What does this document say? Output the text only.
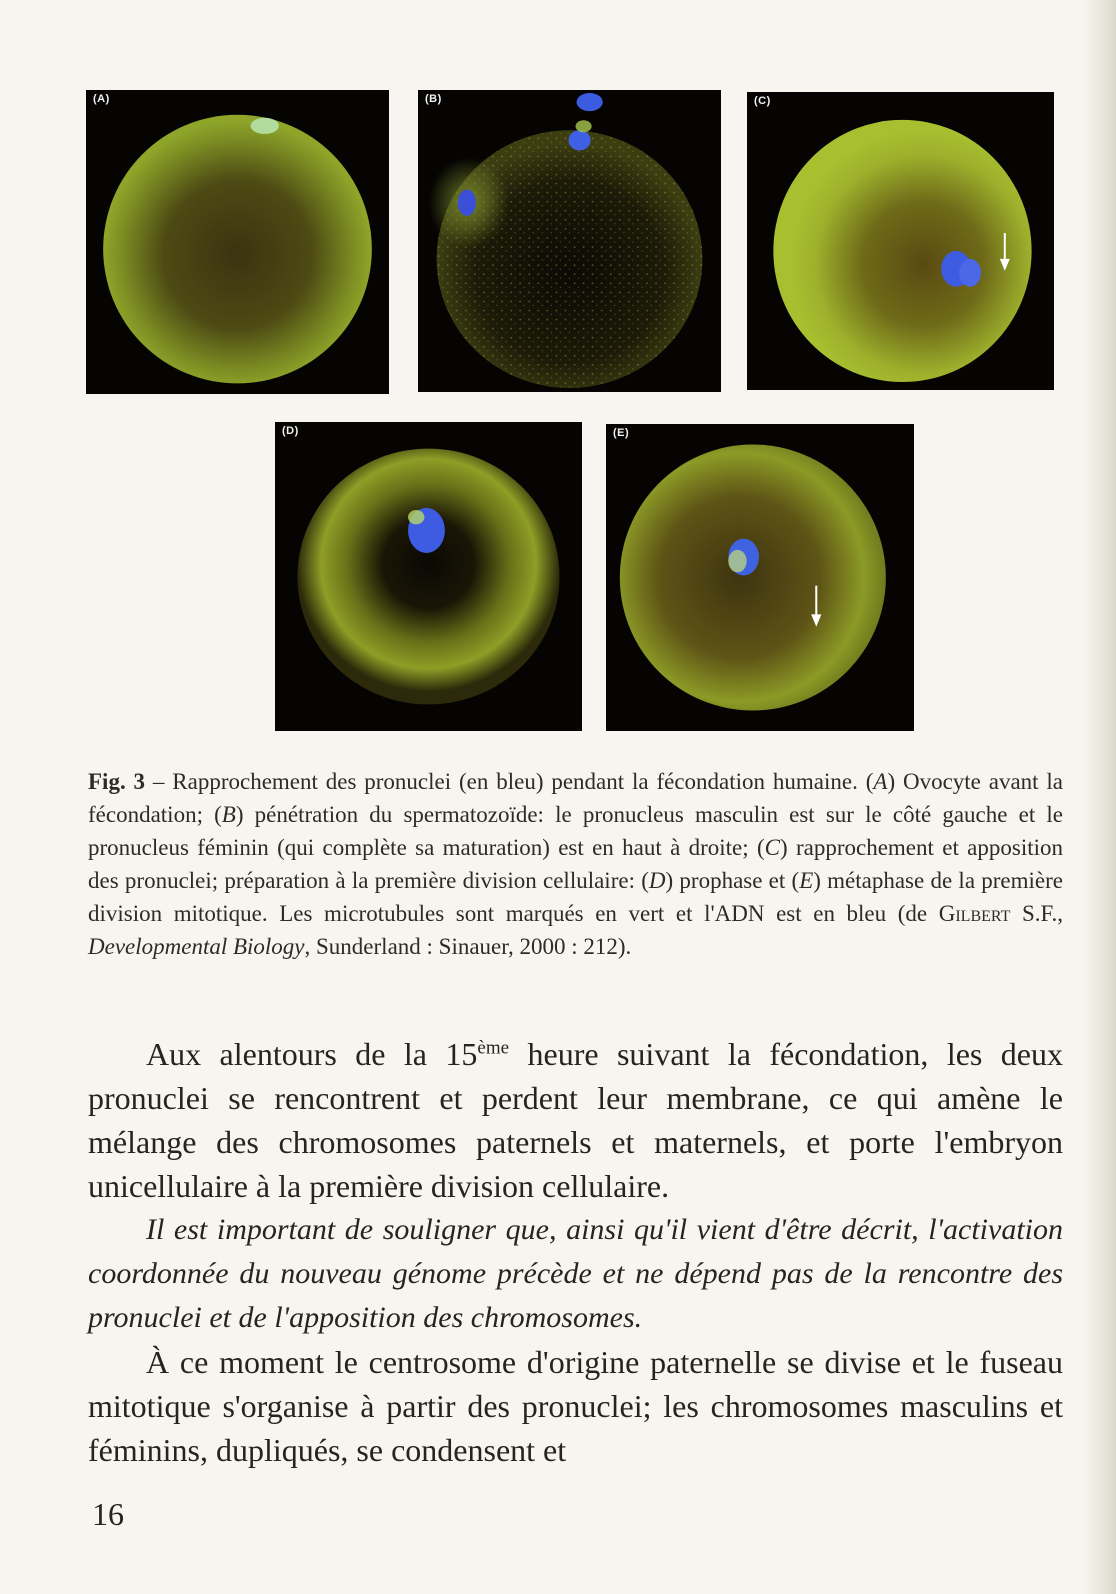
(A)	(B)	(C)
(D)	(E)
Fig. 3 – Rapprochement des pronuclei (en bleu) pendant la fécondation humaine. (A) Ovocyte avant la fécondation; (B) pénétration du spermatozoïde: le pronucleus masculin est sur le côté gauche et le pronucleus féminin (qui complète sa maturation) est en haut à droite; (C) rapprochement et apposition des pronuclei; préparation à la première division cellulaire: (D) prophase et (E) métaphase de la première division mitotique. Les microtubules sont marqués en vert et l'ADN est en bleu (de Gilbert S.F., Developmental Biology, Sunderland : Sinauer, 2000 : 212).

Aux alentours de la 15ème heure suivant la fécondation, les deux pronuclei se rencontrent et perdent leur membrane, ce qui amène le mélange des chromosomes paternels et maternels, et porte l'embryon unicellulaire à la première division cellulaire.

Il est important de souligner que, ainsi qu'il vient d'être décrit, l'activation coordonnée du nouveau génome précède et ne dépend pas de la rencontre des pronuclei et de l'apposition des chromosomes.

À ce moment le centrosome d'origine paternelle se divise et le fuseau mitotique s'organise à partir des pronuclei; les chromosomes masculins et féminins, dupliqués, se condensent et

16
